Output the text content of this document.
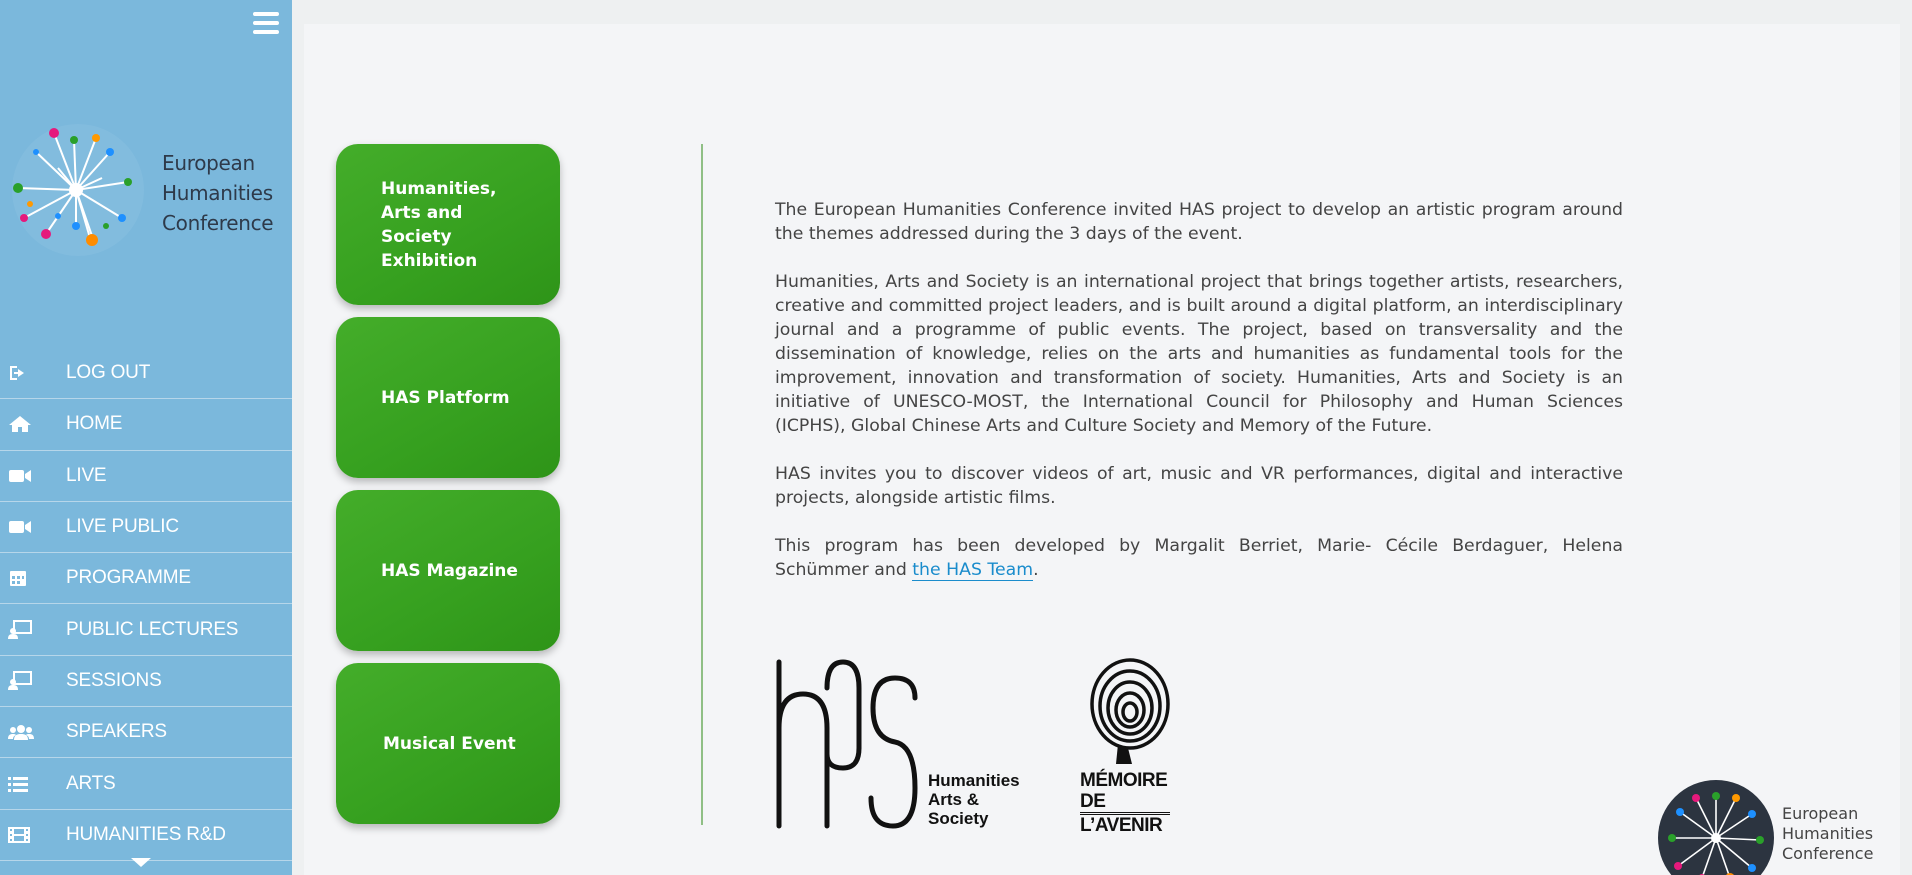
European
Humanities
Conference
LOG OUT
HOME
LIVE
LIVE PUBLIC
PROGRAMME
PUBLIC LECTURES
SESSIONS
SPEAKERS
ARTS
HUMANITIES R&D
Humanities, Arts and Society Exhibition
HAS Platform
HAS Magazine
Musical Event

The European Humanities Conference invited HAS project to develop an artistic program around the themes addressed during the 3 days of the event.

Humanities, Arts and Society is an international project that brings together artists, researchers, creative and committed project leaders, and is built around a digital platform, an interdisciplinary journal and a programme of public events. The project, based on transversality and the dissemination of knowledge, relies on the arts and humanities as fundamental tools for the improvement, innovation and transformation of society. Humanities, Arts and Society is an initiative of UNESCO-MOST, the International Council for Philosophy and Human Sciences (ICPHS), Global Chinese Arts and Culture Society and Memory of the Future.

HAS invites you to discover videos of art, music and VR performances, digital and interactive projects, alongside artistic films.

This program has been developed by Margalit Berriet, Marie- Cécile Berdaguer, Helena Schümmer and the HAS Team.

Humanities
Arts &
Society
MÉMOIRE
DE
L’AVENIR
European
Humanities
Conference
